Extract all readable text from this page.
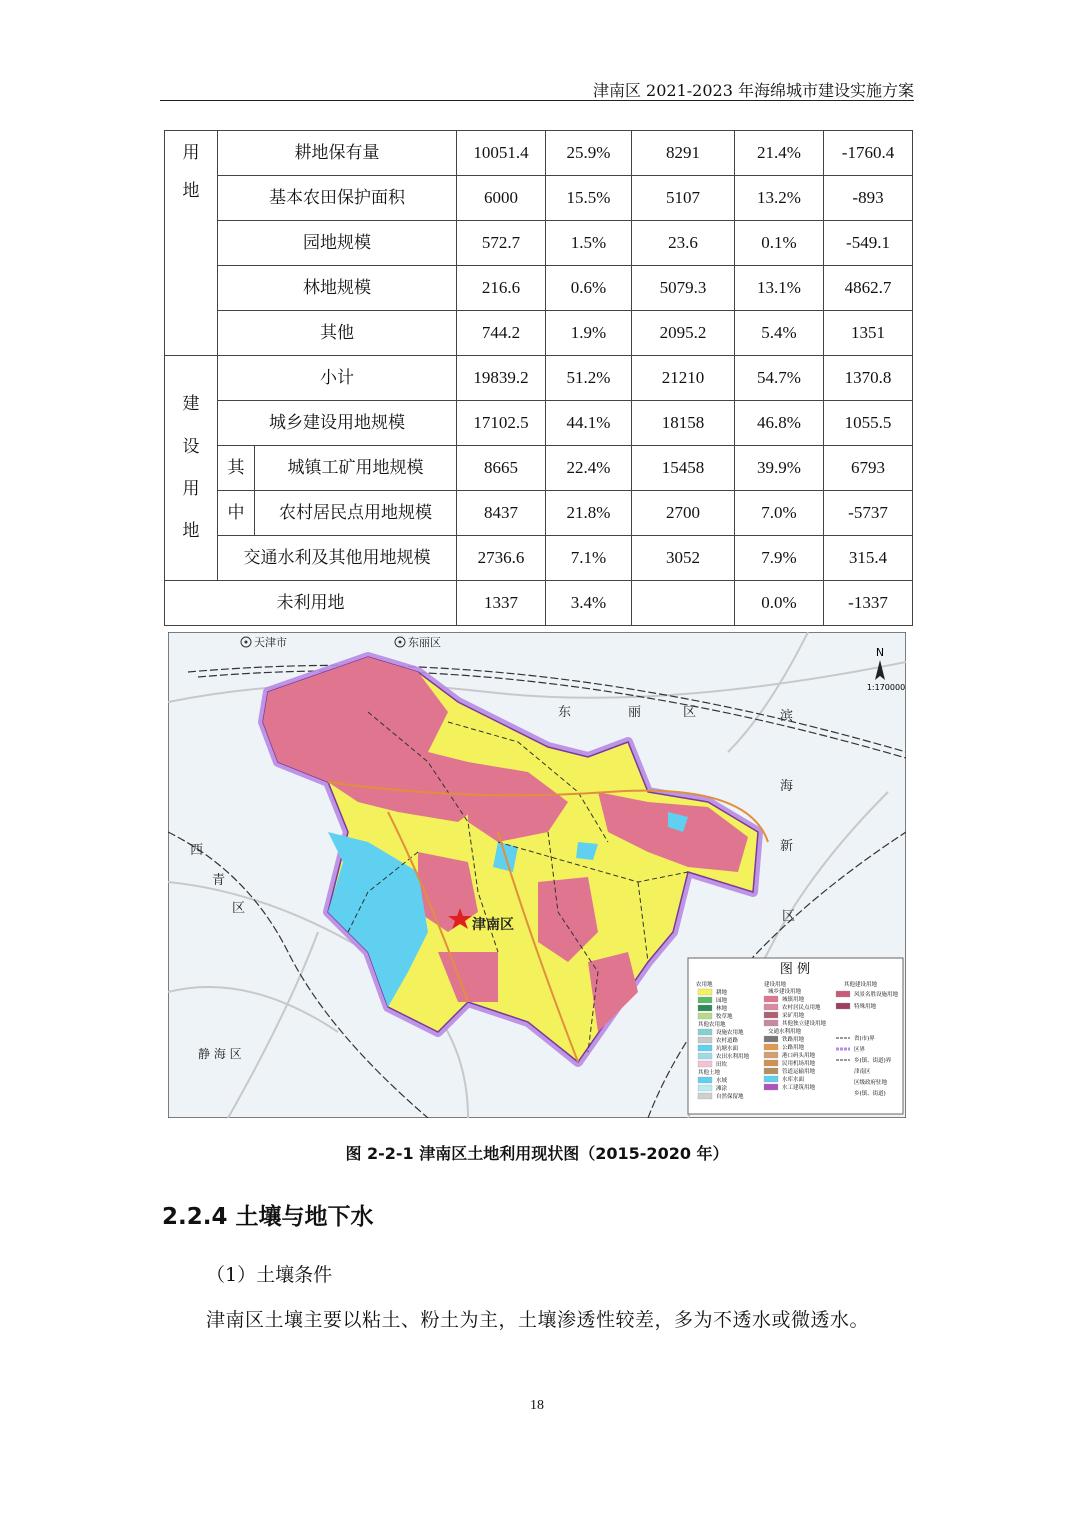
津南区 2021-2023 年海绵城市建设实施方案
用
地	耕地保有量		10051.4	25.9%	8291	21.4%	-1760.4
	基本农田保护面积		6000	15.5%	5107	13.2%	-893
	园地规模		572.7	1.5%	23.6	0.1%	-549.1
	林地规模		216.6	0.6%	5079.3	13.1%	4862.7
	其他		744.2	1.9%	2095.2	5.4%	1351

建
设
用
地	小计		19839.2	51.2%	21210	54.7%	1370.8
	城乡建设用地规模		17102.5	44.1%	18158	46.8%	1055.5
	其	城镇工矿用地规模	8665	22.4%	15458	39.9%	6793
	中	农村居民点用地规模	8437	21.8%	2700	7.0%	-5737
	交通水利及其他用地规模		2736.6	7.1%	3052	7.9%	315.4
未利用地			1337	3.4%		0.0%	-1337
天津市	东丽区
东	丽	区	滨
海
新
区
西
青
区
静 海 区
津南区
N
1:170000
图 例
农用地
耕地
园地
林地
牧草地
其他农用地
设施农用地
农村道路
坑塘水面
农田水利用地
田坎
其他土地
水域
滩涂
自然保留地
建设用地
城乡建设用地
城镇用地
农村居民点用地
采矿用地
其他独立建设用地
交通水利用地
铁路用地
公路用地
港口码头用地
民用机场用地
管道运输用地
水库水面
水工建筑用地
其他建设用地
风景名胜设施用地
特殊用地
省(市)界
区界
乡(镇、街道)界
津南区
区级政府驻地
乡(镇、街道)
图 2-2-1 津南区土地利用现状图（2015-2020 年）
2.2.4 土壤与地下水
（1）土壤条件
津南区土壤主要以粘土、粉土为主，土壤渗透性较差，多为不透水或微透水。
18
